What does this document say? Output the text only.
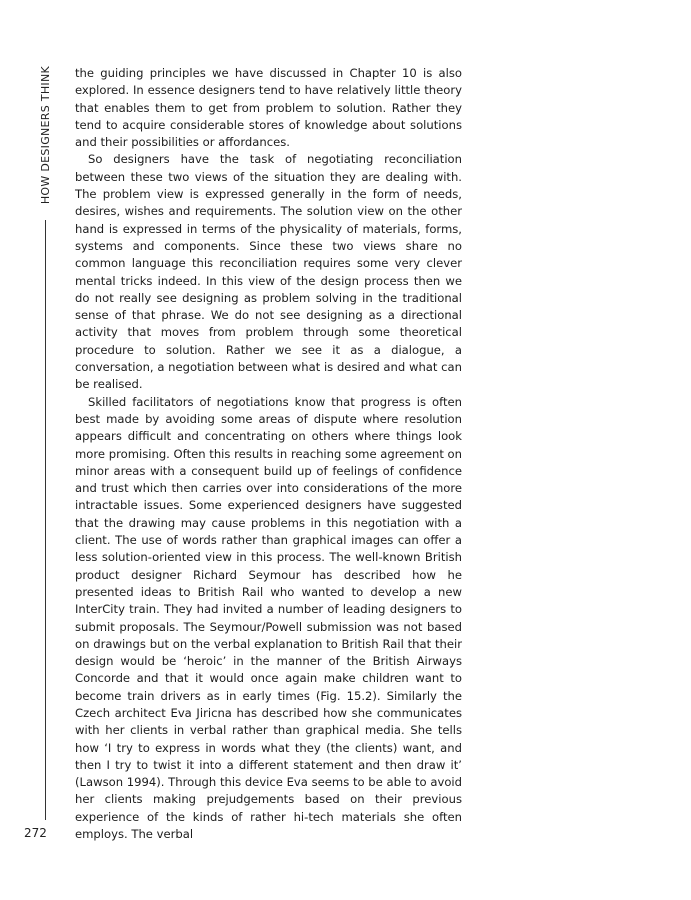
HOW DESIGNERS THINK
272

the guiding principles we have discussed in Chapter 10 is also explored. In essence designers tend to have relatively little theory that enables them to get from problem to solution. Rather they tend to acquire considerable stores of knowledge about solutions and their possibilities or affordances.

So designers have the task of negotiating reconciliation between these two views of the situation they are dealing with. The problem view is expressed generally in the form of needs, desires, wishes and requirements. The solution view on the other hand is expressed in terms of the physicality of materials, forms, systems and components. Since these two views share no common language this reconciliation requires some very clever mental tricks indeed. In this view of the design process then we do not really see designing as problem solving in the traditional sense of that phrase. We do not see designing as a directional activity that moves from problem through some theoretical procedure to solution. Rather we see it as a dialogue, a conversation, a negotiation between what is desired and what can be realised.

Skilled facilitators of negotiations know that progress is often best made by avoiding some areas of dispute where resolution appears difficult and concentrating on others where things look more promising. Often this results in reaching some agreement on minor areas with a consequent build up of feelings of confidence and trust which then carries over into considerations of the more intractable issues. Some experienced designers have suggested that the drawing may cause problems in this negotiation with a client. The use of words rather than graphical images can offer a less solution-oriented view in this process. The well-known British product designer Richard Seymour has described how he presented ideas to British Rail who wanted to develop a new InterCity train. They had invited a number of leading designers to submit proposals. The Seymour/Powell submission was not based on drawings but on the verbal explanation to British Rail that their design would be ‘heroic’ in the manner of the British Airways Concorde and that it would once again make children want to become train drivers as in early times (Fig. 15.2). Similarly the Czech architect Eva Jiricna has described how she communicates with her clients in verbal rather than graphical media. She tells how ‘I try to express in words what they (the clients) want, and then I try to twist it into a different statement and then draw it’ (Lawson 1994). Through this device Eva seems to be able to avoid her clients making prejudgements based on their previous experience of the kinds of rather hi-tech materials she often employs. The verbal
